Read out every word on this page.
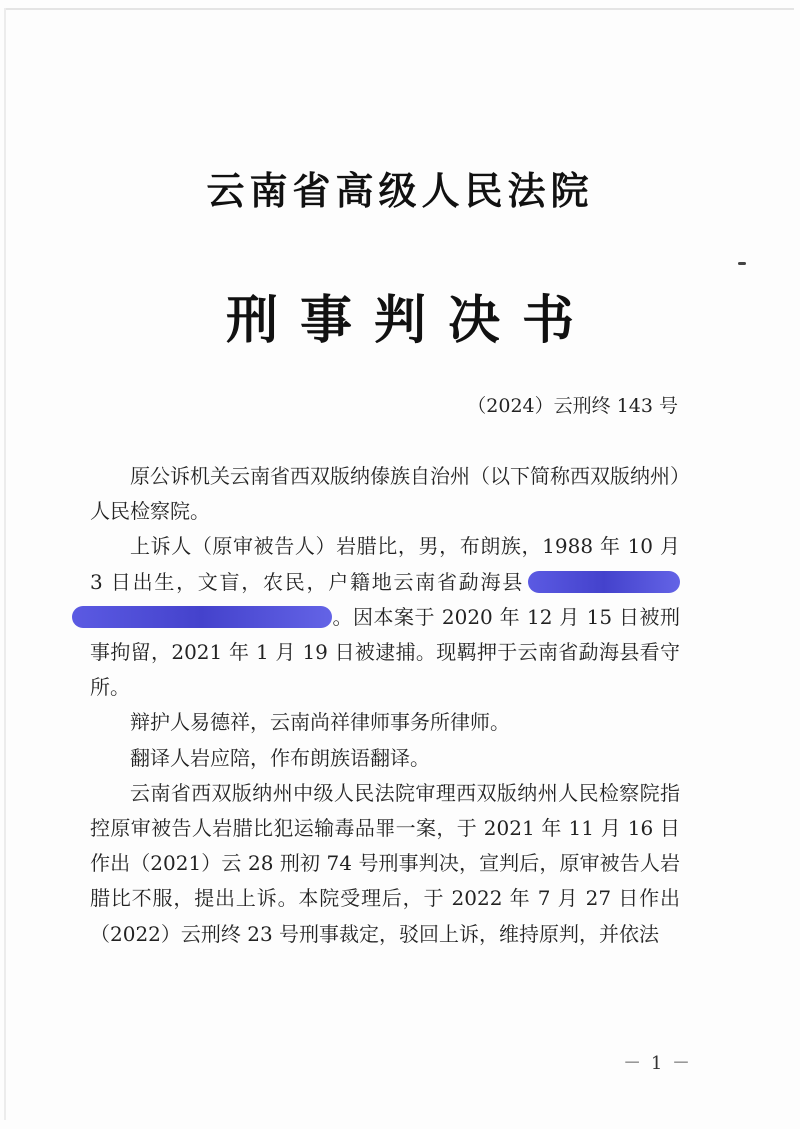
云南省高级人民法院
刑事判决书
（2024）云刑终 143 号

原公诉机关云南省西双版纳傣族自治州（以下简称西双版纳州）人民检察院。

上诉人（原审被告人）岩腊比，男，布朗族，1988 年 10 月 3 日出生，文盲，农民，户籍地云南省勐海县。因本案于 2020 年 12 月 15 日被刑事拘留，2021 年 1 月 19 日被逮捕。现羁押于云南省勐海县看守所。

辩护人易德祥，云南尚祥律师事务所律师。

翻译人岩应陪，作布朗族语翻译。

云南省西双版纳州中级人民法院审理西双版纳州人民检察院指控原审被告人岩腊比犯运输毒品罪一案，于 2021 年 11 月 16 日作出（2021）云 28 刑初 74 号刑事判决，宣判后，原审被告人岩腊比不服，提出上诉。本院受理后，于 2022 年 7 月 27 日作出（2022）云刑终 23 号刑事裁定，驳回上诉，维持原判，并依法

－ 1 －
